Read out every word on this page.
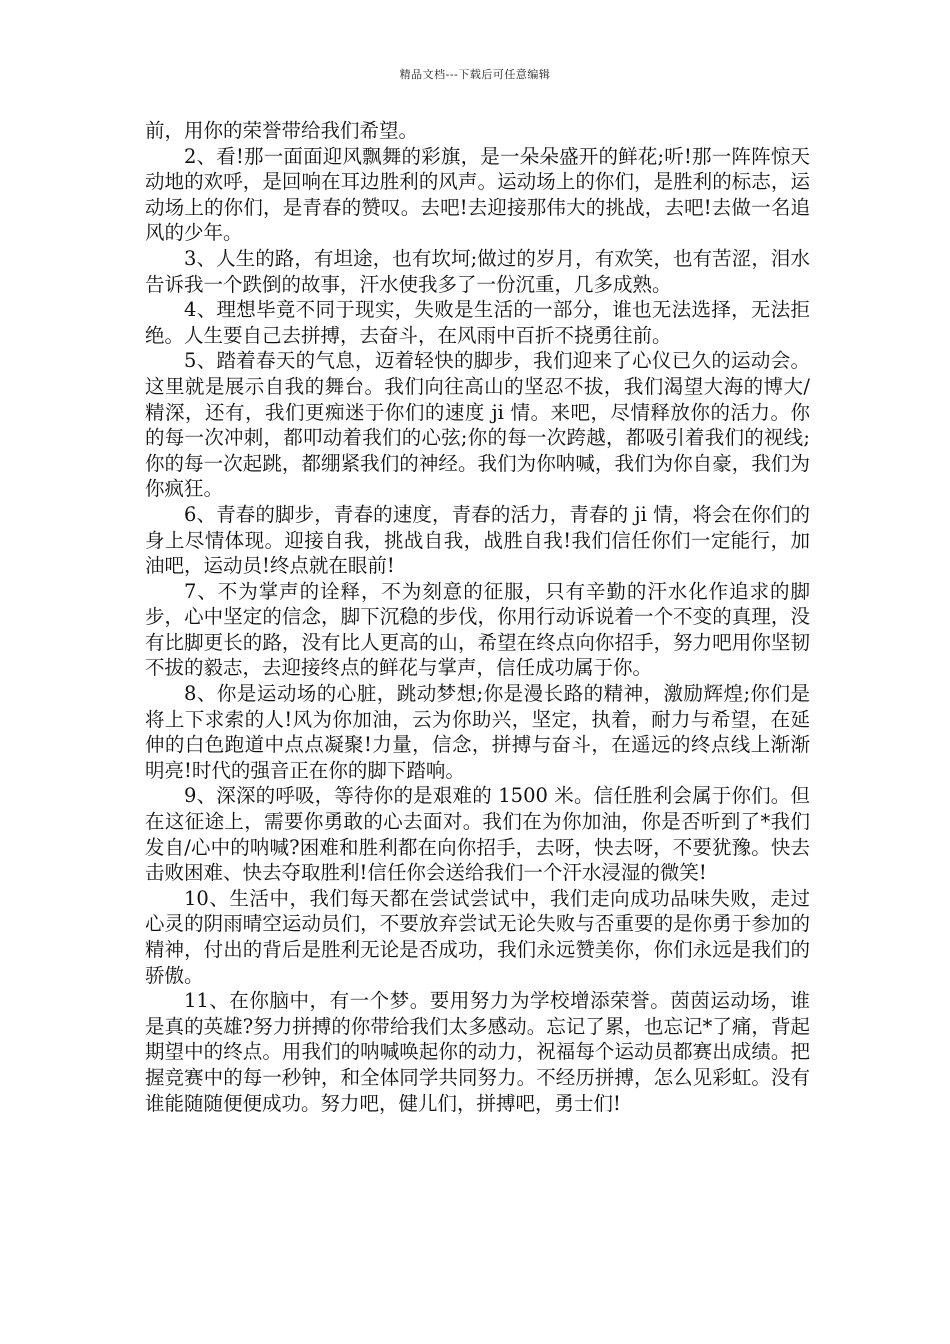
精品文档---下载后可任意编辑

前，用你的荣誉带给我们希望。

2、看!那一面面迎风飘舞的彩旗，是一朵朵盛开的鲜花;听!那一阵阵惊天动地的欢呼，是回响在耳边胜利的风声。运动场上的你们，是胜利的标志，运动场上的你们，是青春的赞叹。去吧!去迎接那伟大的挑战，去吧!去做一名追风的少年。

3、人生的路，有坦途，也有坎坷;做过的岁月，有欢笑，也有苦涩，泪水告诉我一个跌倒的故事，汗水使我多了一份沉重，几多成熟。

4、理想毕竟不同于现实，失败是生活的一部分，谁也无法选择，无法拒绝。人生要自己去拼搏，去奋斗，在风雨中百折不挠勇往前。

5、踏着春天的气息，迈着轻快的脚步，我们迎来了心仪已久的运动会。这里就是展示自我的舞台。我们向往高山的坚忍不拔，我们渴望大海的博大/精深，还有，我们更痴迷于你们的速度 ji 情。来吧，尽情释放你的活力。你的每一次冲刺，都叩动着我们的心弦;你的每一次跨越，都吸引着我们的视线;你的每一次起跳，都绷紧我们的神经。我们为你呐喊，我们为你自豪，我们为你疯狂。

6、青春的脚步，青春的速度，青春的活力，青春的 ji 情，将会在你们的身上尽情体现。迎接自我，挑战自我，战胜自我!我们信任你们一定能行，加油吧，运动员!终点就在眼前!

7、不为掌声的诠释，不为刻意的征服，只有辛勤的汗水化作追求的脚步，心中坚定的信念，脚下沉稳的步伐，你用行动诉说着一个不变的真理，没有比脚更长的路，没有比人更高的山，希望在终点向你招手，努力吧用你坚韧不拔的毅志，去迎接终点的鲜花与掌声，信任成功属于你。

8、你是运动场的心脏，跳动梦想;你是漫长路的精神，激励辉煌;你们是将上下求索的人!风为你加油，云为你助兴，坚定，执着，耐力与希望，在延伸的白色跑道中点点凝聚!力量，信念，拼搏与奋斗，在遥远的终点线上渐渐明亮!时代的强音正在你的脚下踏响。

9、深深的呼吸，等待你的是艰难的 1500 米。信任胜利会属于你们。但在这征途上，需要你勇敢的心去面对。我们在为你加油，你是否听到了*我们发自/心中的呐喊?困难和胜利都在向你招手，去呀，快去呀，不要犹豫。快去击败困难、快去夺取胜利!信任你会送给我们一个汗水浸湿的微笑!

10、生活中，我们每天都在尝试尝试中，我们走向成功品味失败，走过心灵的阴雨晴空运动员们，不要放弃尝试无论失败与否重要的是你勇于参加的精神，付出的背后是胜利无论是否成功，我们永远赞美你，你们永远是我们的骄傲。

11、在你脑中，有一个梦。要用努力为学校增添荣誉。茵茵运动场，谁是真的英雄?努力拼搏的你带给我们太多感动。忘记了累，也忘记*了痛，背起期望中的终点。用我们的呐喊唤起你的动力，祝福每个运动员都赛出成绩。把握竞赛中的每一秒钟，和全体同学共同努力。不经历拼搏，怎么见彩虹。没有谁能随随便便成功。努力吧，健儿们，拼搏吧，勇士们!
